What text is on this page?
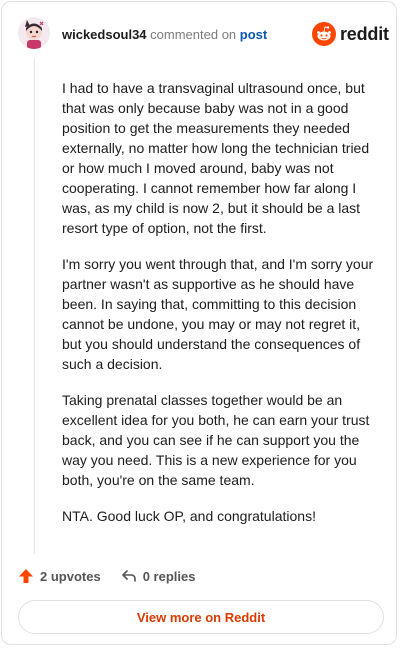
wickedsoul34 commented on post	reddit

I had to have a transvaginal ultrasound once, but that was only because baby was not in a good position to get the measurements they needed externally, no matter how long the technician tried or how much I moved around, baby was not cooperating. I cannot remember how far along I was, as my child is now 2, but it should be a last resort type of option, not the first.

I'm sorry you went through that, and I'm sorry your partner wasn't as supportive as he should have been. In saying that, committing to this decision cannot be undone, you may or may not regret it, but you should understand the consequences of such a decision.

Taking prenatal classes together would be an excellent idea for you both, he can earn your trust back, and you can see if he can support you the way you need. This is a new experience for you both, you're on the same team.

NTA. Good luck OP, and congratulations!

2 upvotes	0 replies
View more on Reddit
